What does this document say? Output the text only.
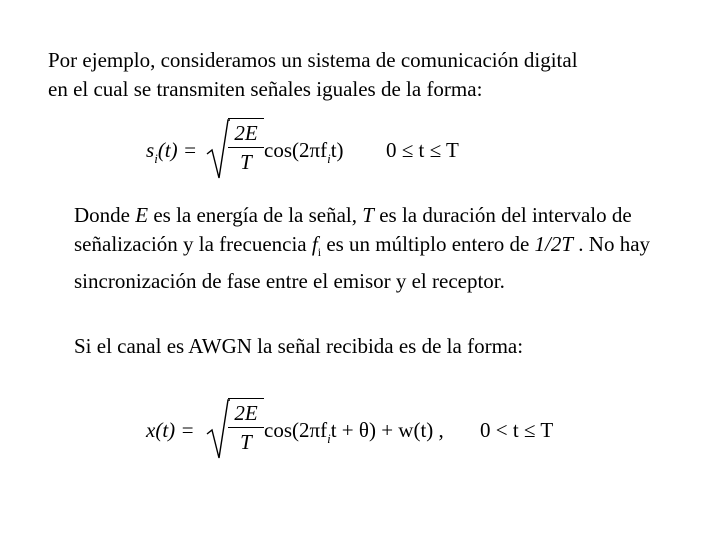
Por ejemplo, consideramos un sistema de comunicación digital
en el cual se transmiten señales iguales de la forma:

$s_i(t) = \frac{2E}{T} \cos(2\pi f_it) 0 \le t \le T$

Donde E es la energía de la señal, T es la duración del intervalo de señalización y la frecuencia $f_i$ es un múltiplo entero de 1/2T . No hay sincronización de fase entre el emisor y el receptor.

Si el canal es AWGN la señal recibida es de la forma:

$x(t) = \frac{2E}{T} \cos(2\pi f_it + \theta) + w(t)$ , 0 < t ≤ T
